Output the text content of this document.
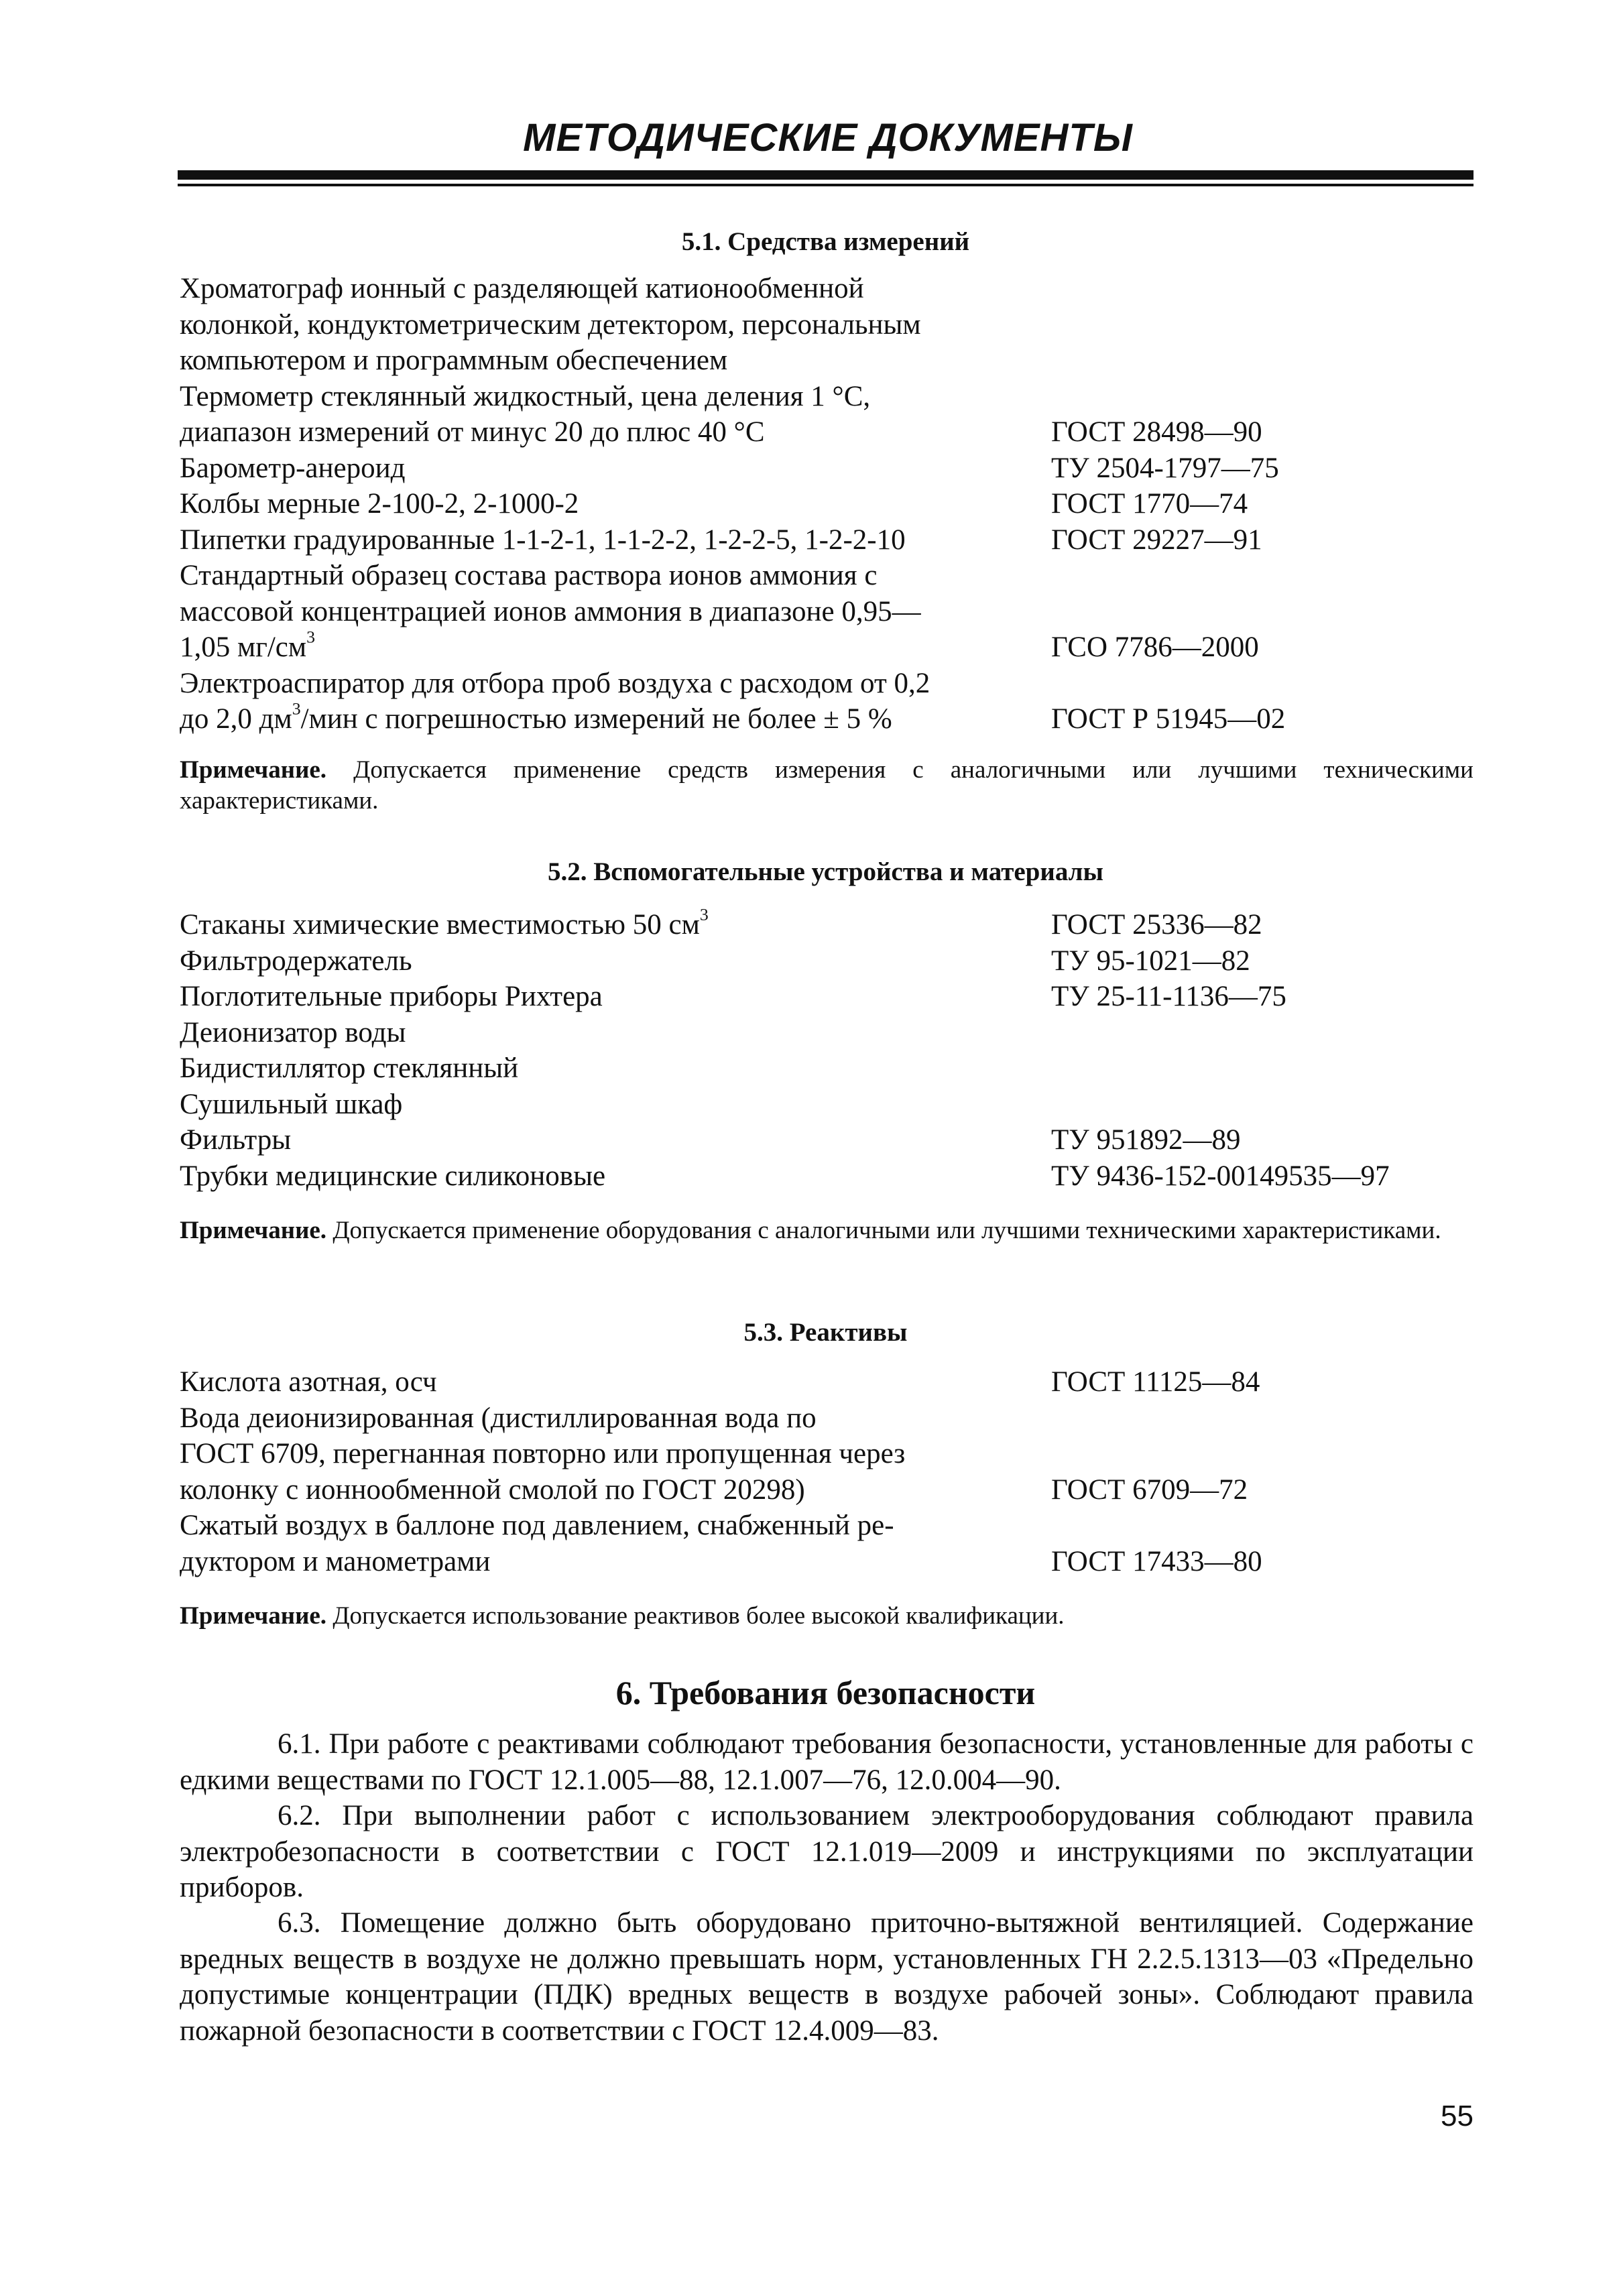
МЕТОДИЧЕСКИЕ ДОКУМЕНТЫ
5.1. Средства измерений
Хроматограф ионный с разделяющей катионообменной
колонкой, кондуктометрическим детектором, персональным
компьютером и программным обеспечением
Термометр стеклянный жидкостный, цена деления 1 °С,
диапазон измерений от минус 20 до плюс 40 °С	ГОСТ 28498—90
Барометр-анероид	ТУ 2504-1797—75
Колбы мерные 2-100-2, 2-1000-2	ГОСТ 1770—74
Пипетки градуированные 1-1-2-1, 1-1-2-2, 1-2-2-5, 1-2-2-10	ГОСТ 29227—91
Стандартный образец состава раствора ионов аммония с
массовой концентрацией ионов аммония в диапазоне 0,95—
1,05 $мг/см^3$	ГСО 7786—2000
Электроаспиратор для отбора проб воздуха с расходом от 0,2
до 2,0 $дм^3$/мин с погрешностью измерений не более ± 5 %	ГОСТ Р 51945—02
Примечание. Допускается применение средств измерения с аналогичными или лучшими техническими характеристиками.
5.2. Вспомогательные устройства и материалы
Стаканы химические вместимостью 50 $см^3$	ГОСТ 25336—82
Фильтродержатель	ТУ 95-1021—82
Поглотительные приборы Рихтера	ТУ 25-11-1136—75
Деионизатор воды
Бидистиллятор стеклянный
Сушильный шкаф
Фильтры	ТУ 951892—89
Трубки медицинские силиконовые	ТУ 9436-152-00149535—97
Примечание. Допускается применение оборудования с аналогичными или лучшими техническими характеристиками.
5.3. Реактивы
Кислота азотная, осч	ГОСТ 11125—84
Вода деионизированная (дистиллированная вода по
ГОСТ 6709, перегнанная повторно или пропущенная через
колонку с ионнообменной смолой по ГОСТ 20298)	ГОСТ 6709—72
Сжатый воздух в баллоне под давлением, снабженный ре-
дуктором и манометрами	ГОСТ 17433—80
Примечание. Допускается использование реактивов более высокой квалификации.
6. Требования безопасности
6.1. При работе с реактивами соблюдают требования безопасности, установленные для работы с едкими веществами по ГОСТ 12.1.005—88, 12.1.007—76, 12.0.004—90.
6.2. При выполнении работ с использованием электрооборудования соблюдают правила электробезопасности в соответствии с ГОСТ 12.1.019—2009 и инструкциями по эксплуатации приборов.
6.3. Помещение должно быть оборудовано приточно-вытяжной вентиляцией. Содержание вредных веществ в воздухе не должно превышать норм, установленных ГН 2.2.5.1313—03 «Предельно допустимые концентрации (ПДК) вредных веществ в воздухе рабочей зоны». Соблюдают правила пожарной безопасности в соответствии с ГОСТ 12.4.009—83.
55
